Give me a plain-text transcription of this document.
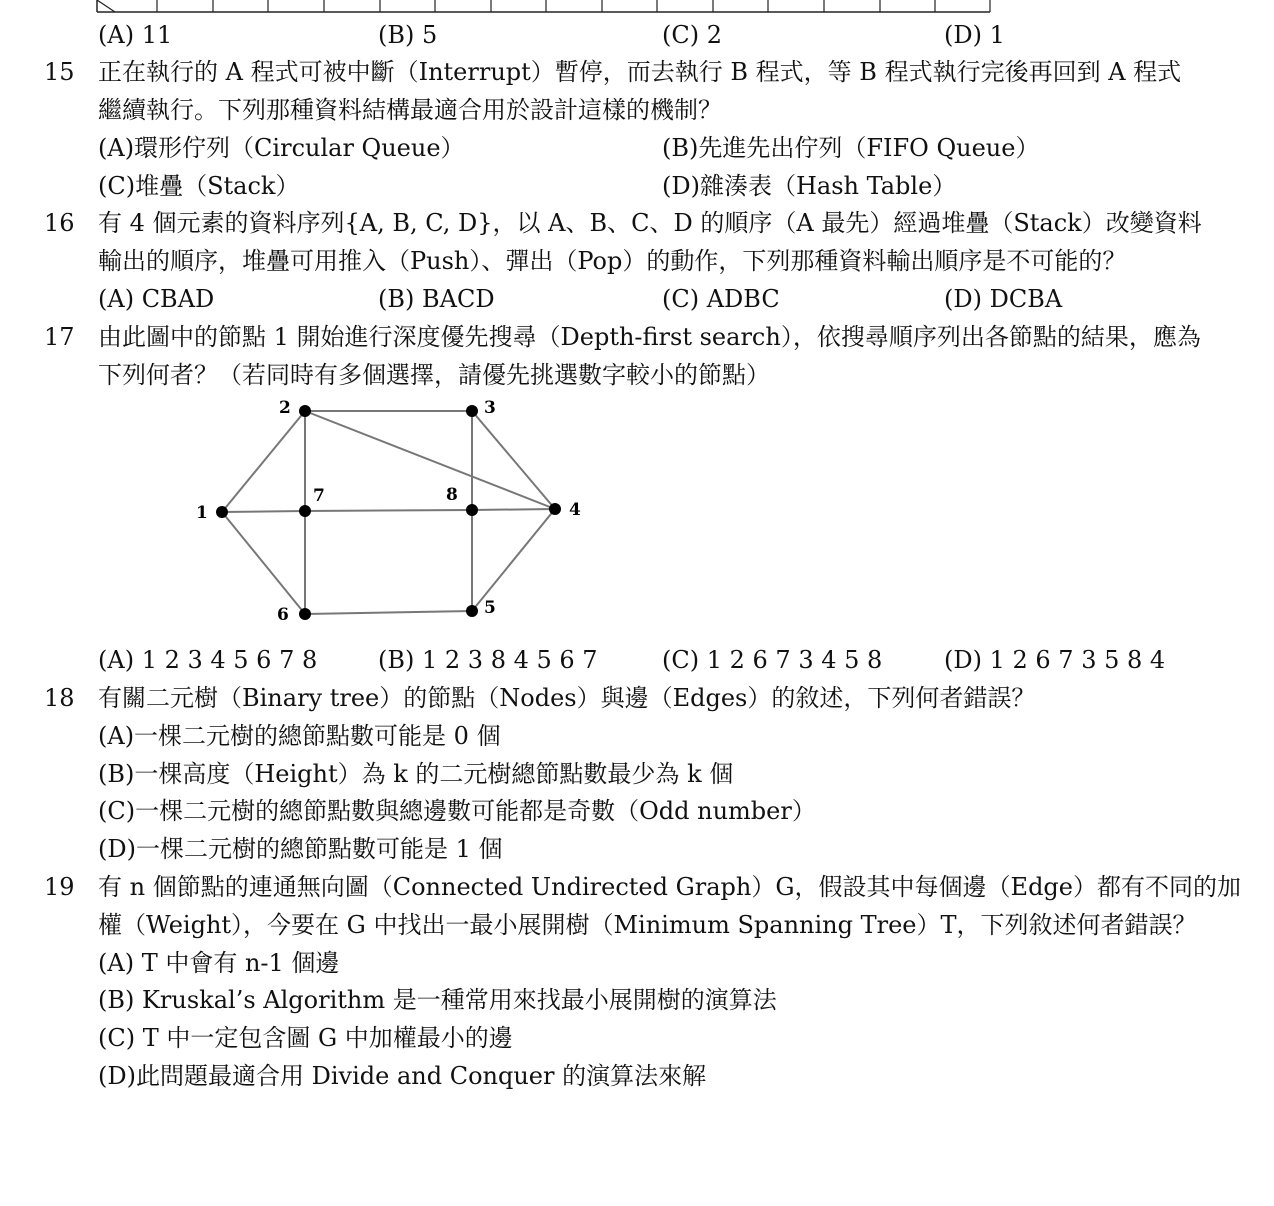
(A) 11	(B) 5	(C) 2	(D) 1
15 正在執行的 A 程式可被中斷（Interrupt）暫停，而去執行 B 程式，等 B 程式執行完後再回到 A 程式
繼續執行。下列那種資料結構最適合用於設計這樣的機制？
(A)環形佇列（Circular Queue）	(B)先進先出佇列（FIFO Queue）
(C)堆疊（Stack）	(D)雜湊表（Hash Table）
16 有 4 個元素的資料序列{A, B, C, D}，以 A、B、C、D 的順序（A 最先）經過堆疊（Stack）改變資料
輸出的順序，堆疊可用推入（Push）、彈出（Pop）的動作，下列那種資料輸出順序是不可能的？
(A) CBAD	(B) BACD	(C) ADBC	(D) DCBA
17 由此圖中的節點 1 開始進行深度優先搜尋（Depth-first search），依搜尋順序列出各節點的結果，應為
下列何者？（若同時有多個選擇，請優先挑選數字較小的節點）
1
2	3
4
5
6
7	8
(A) 1 2 3 4 5 6 7 8	(B) 1 2 3 8 4 5 6 7	(C) 1 2 6 7 3 4 5 8	(D) 1 2 6 7 3 5 8 4
18 有關二元樹（Binary tree）的節點（Nodes）與邊（Edges）的敘述，下列何者錯誤？
(A)一棵二元樹的總節點數可能是 0 個
(B)一棵高度（Height）為 k 的二元樹總節點數最少為 k 個
(C)一棵二元樹的總節點數與總邊數可能都是奇數（Odd number）
(D)一棵二元樹的總節點數可能是 1 個
19 有 n 個節點的連通無向圖（Connected Undirected Graph）G，假設其中每個邊（Edge）都有不同的加
權（Weight），今要在 G 中找出一最小展開樹（Minimum Spanning Tree）T，下列敘述何者錯誤？
(A) T 中會有 n-1 個邊
(B) Kruskal’s Algorithm 是一種常用來找最小展開樹的演算法
(C) T 中一定包含圖 G 中加權最小的邊
(D)此問題最適合用 Divide and Conquer 的演算法來解
